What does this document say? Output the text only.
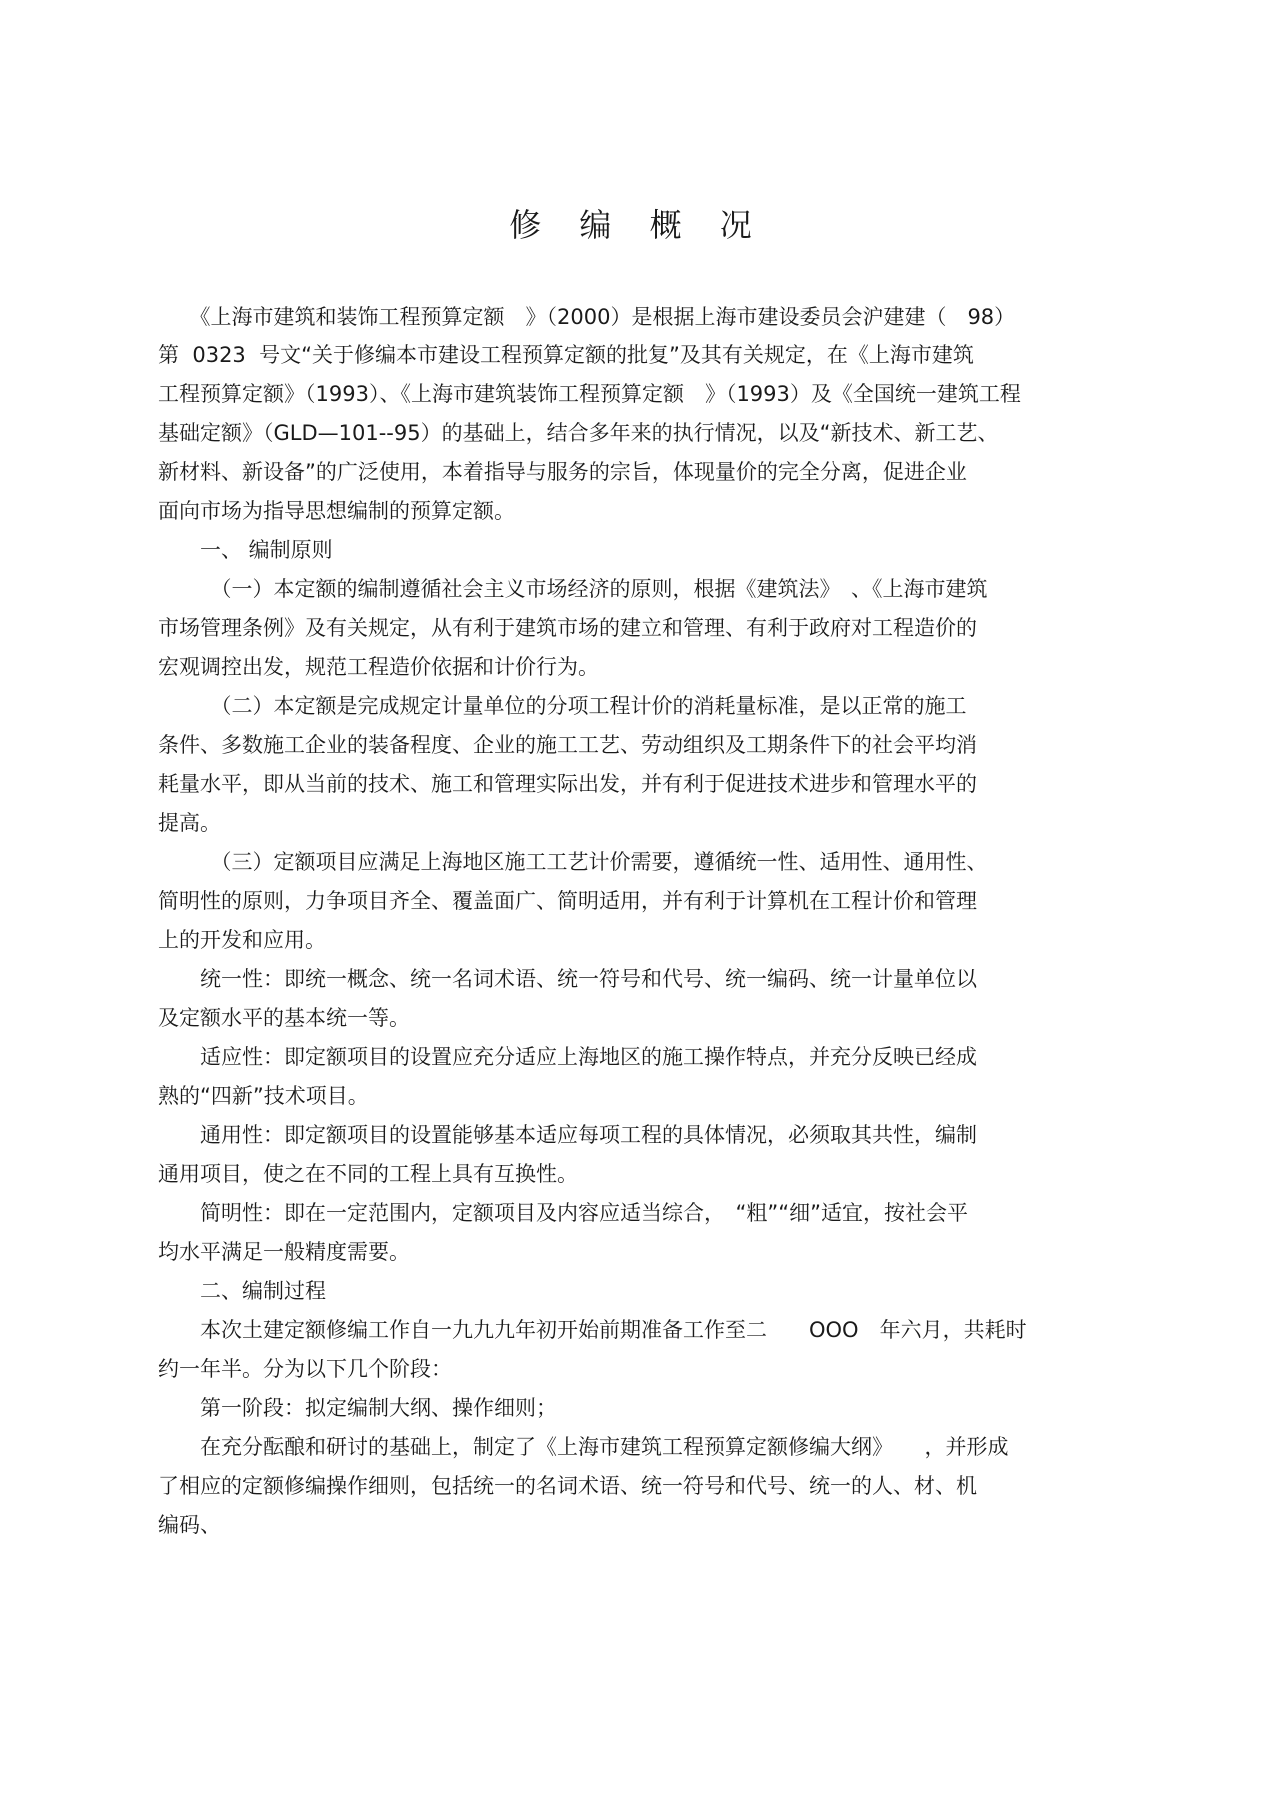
修 编 概 况
　　《上海市建筑和装饰工程预算定额　》（2000）是根据上海市建设委员会沪建建（　98）
第  0323  号文“关于修编本市建设工程预算定额的批复”及其有关规定，在《上海市建筑
工程预算定额》（1993）、《上海市建筑装饰工程预算定额　》（1993）及《全国统一建筑工程
基础定额》（GLD—101--95）的基础上，结合多年来的执行情况，以及“新技术、新工艺、
新材料、新设备”的广泛使用，本着指导与服务的宗旨，体现量价的完全分离，促进企业
面向市场为指导思想编制的预算定额。
　　一、 编制原则
　　　（一）本定额的编制遵循社会主义市场经济的原则，根据《建筑法》　、《上海市建筑
市场管理条例》及有关规定，从有利于建筑市场的建立和管理、有利于政府对工程造价的
宏观调控出发，规范工程造价依据和计价行为。
　　　（二）本定额是完成规定计量单位的分项工程计价的消耗量标准，是以正常的施工
条件、多数施工企业的装备程度、企业的施工工艺、劳动组织及工期条件下的社会平均消
耗量水平，即从当前的技术、施工和管理实际出发，并有利于促进技术进步和管理水平的
提高。
　　　（三）定额项目应满足上海地区施工工艺计价需要，遵循统一性、适用性、通用性、
简明性的原则，力争项目齐全、覆盖面广、简明适用，并有利于计算机在工程计价和管理
上的开发和应用。
　　统一性：即统一概念、统一名词术语、统一符号和代号、统一编码、统一计量单位以
及定额水平的基本统一等。
　　适应性：即定额项目的设置应充分适应上海地区的施工操作特点，并充分反映已经成
熟的“四新”技术项目。
　　通用性：即定额项目的设置能够基本适应每项工程的具体情况，必须取其共性，编制
通用项目，使之在不同的工程上具有互换性。
　　简明性：即在一定范围内，定额项目及内容应适当综合，　“粗”“细”适宜，按社会平
均水平满足一般精度需要。
　　二、编制过程
　　本次土建定额修编工作自一九九九年初开始前期准备工作至二　　OOO　年六月，共耗时
约一年半。分为以下几个阶段：
　　第一阶段：拟定编制大纲、操作细则；
　　在充分酝酿和研讨的基础上，制定了《上海市建筑工程预算定额修编大纲》　　，并形成
了相应的定额修编操作细则，包括统一的名词术语、统一符号和代号、统一的人、材、机
编码、
